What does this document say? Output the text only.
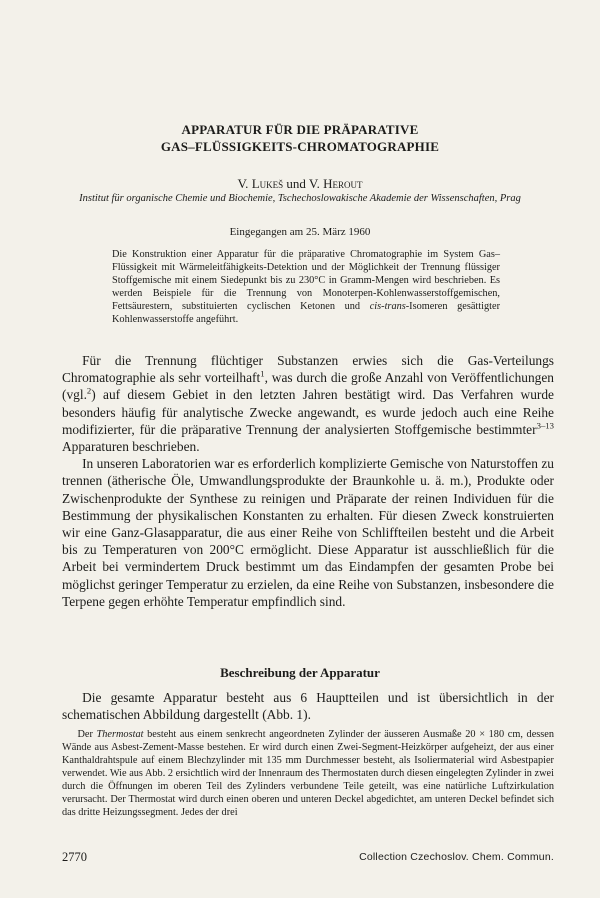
APPARATUR FÜR DIE PRÄPARATIVE
GAS–FLÜSSIGKEITS-CHROMATOGRAPHIE
V. Lukeš und V. Herout
Institut für organische Chemie und Biochemie, Tschechoslowakische Akademie der Wissenschaften, Prag
Eingegangen am 25. März 1960
Die Konstruktion einer Apparatur für die präparative Chromatographie im System Gas–Flüssigkeit mit Wärmeleitfähigkeits-Detektion und der Möglichkeit der Trennung flüssiger Stoffgemische mit einem Siedepunkt bis zu 230°C in Gramm-Mengen wird beschrieben. Es werden Beispiele für die Trennung von Monoterpen-Kohlenwasserstoffgemischen, Fettsäurestern, substituierten cyclischen Ketonen und cis-trans-Isomeren gesättigter Kohlenwasserstoffe angeführt.

  Für die Trennung flüchtiger Substanzen erwies sich die Gas-Verteilungs Chromatographie als sehr vorteilhaft$^1$, was durch die große Anzahl von Veröffentlichungen (vgl.$^2$) auf diesem Gebiet in den letzten Jahren bestätigt wird. Das Verfahren wurde besonders häufig für analytische Zwecke angewandt, es wurde jedoch auch eine Reihe modifizierter, für die präparative Trennung der analysierten Stoffgemische bestimmter$^{3-13}$ Apparaturen beschrieben.

  In unseren Laboratorien war es erforderlich komplizierte Gemische von Naturstoffen zu trennen (ätherische Öle, Umwandlungsprodukte der Braunkohle u. ä. m.), Produkte oder Zwischenprodukte der Synthese zu reinigen und Präparate der reinen Individuen für die Bestimmung der physikalischen Konstanten zu erhalten. Für diesen Zweck konstruierten wir eine Ganz-Glasapparatur, die aus einer Reihe von Schliffteilen besteht und die Arbeit bis zu Temperaturen von 200°C ermöglicht. Diese Apparatur ist ausschließlich für die Arbeit bei vermindertem Druck bestimmt um das Eindampfen der gesamten Probe bei möglichst geringer Temperatur zu erzielen, da eine Reihe von Substanzen, insbesondere die Terpene gegen erhöhte Temperatur empfindlich sind.

Beschreibung der Apparatur
  Die gesamte Apparatur besteht aus 6 Hauptteilen und ist übersichtlich in der schematischen Abbildung dargestellt (Abb. 1).
  Der Thermostat besteht aus einem senkrecht angeordneten Zylinder der äusseren Ausmaße 20 × 180 cm, dessen Wände aus Asbest-Zement-Masse bestehen. Er wird durch einen Zwei-Segment-Heizkörper aufgeheizt, der aus einer Kanthaldrahtspule auf einem Blechzylinder mit 135 mm Durchmesser besteht, als Isoliermaterial wird Asbestpapier verwendet. Wie aus Abb. 2 ersichtlich wird der Innenraum des Thermostaten durch diesen eingelegten Zylinder in zwei durch die Öffnungen im oberen Teil des Zylinders verbundene Teile geteilt, was eine natürliche Luftzirkulation verursacht. Der Thermostat wird durch einen oberen und unteren Deckel abgedichtet, am unteren Deckel befindet sich das dritte Heizungssegment. Jedes der drei
2770	Collection Czechoslov. Chem. Commun.
